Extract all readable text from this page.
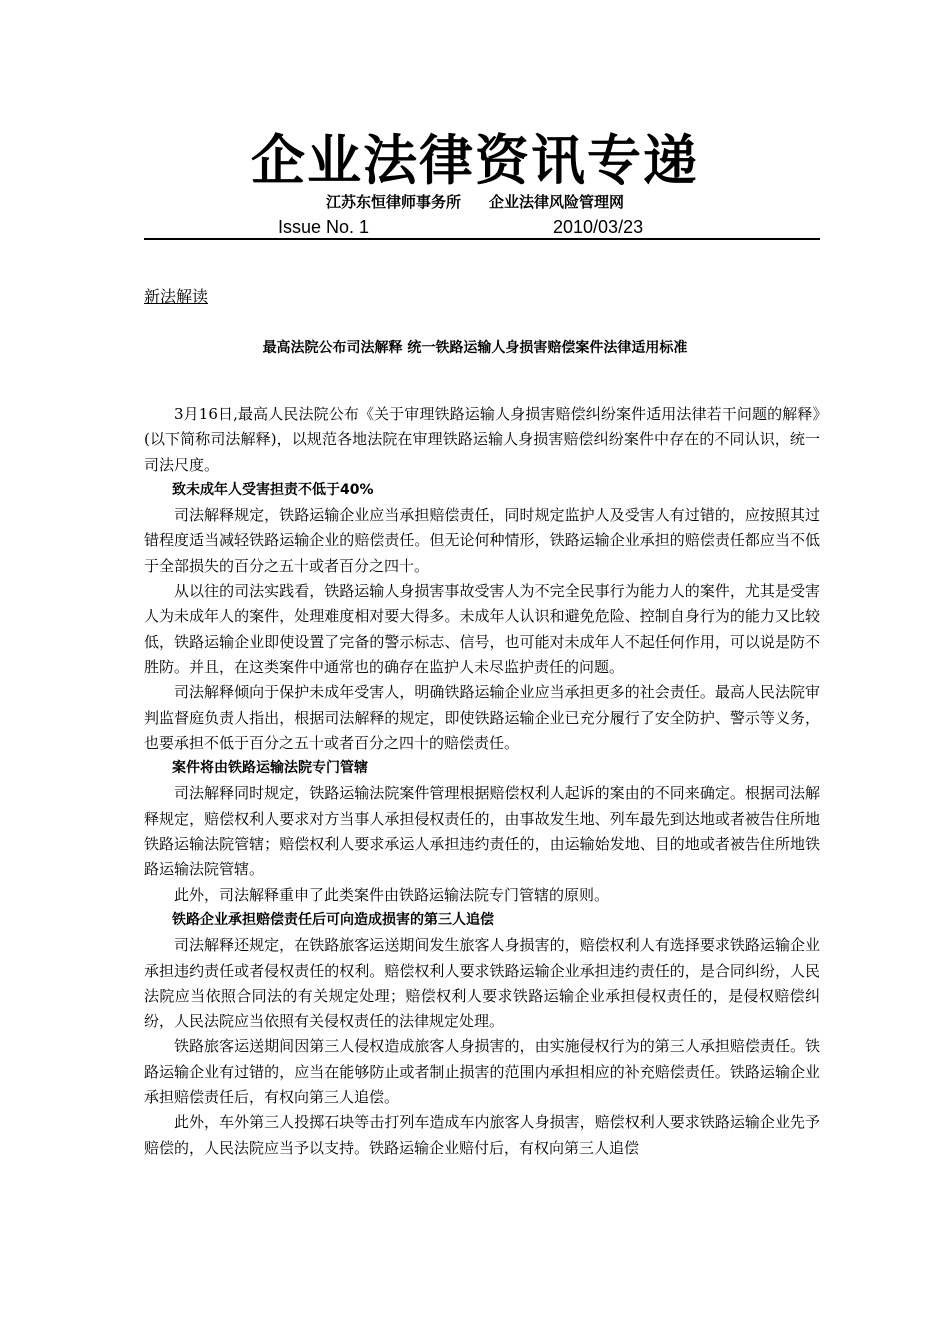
企业法律资讯专递
江苏东恒律师事务所 企业法律风险管理网
Issue No. 1	2010/03/23
新法解读
最高法院公布司法解释 统一铁路运输人身损害赔偿案件法律适用标准

3月16日,最高人民法院公布《关于审理铁路运输人身损害赔偿纠纷案件适用法律若干问题的解释》(以下简称司法解释)，以规范各地法院在审理铁路运输人身损害赔偿纠纷案件中存在的不同认识，统一司法尺度。

致未成年人受害担责不低于40%

司法解释规定，铁路运输企业应当承担赔偿责任，同时规定监护人及受害人有过错的，应按照其过错程度适当减轻铁路运输企业的赔偿责任。但无论何种情形，铁路运输企业承担的赔偿责任都应当不低于全部损失的百分之五十或者百分之四十。

从以往的司法实践看，铁路运输人身损害事故受害人为不完全民事行为能力人的案件，尤其是受害人为未成年人的案件，处理难度相对要大得多。未成年人认识和避免危险、控制自身行为的能力又比较低，铁路运输企业即使设置了完备的警示标志、信号，也可能对未成年人不起任何作用，可以说是防不胜防。并且，在这类案件中通常也的确存在监护人未尽监护责任的问题。

司法解释倾向于保护未成年受害人，明确铁路运输企业应当承担更多的社会责任。最高人民法院审判监督庭负责人指出，根据司法解释的规定，即使铁路运输企业已充分履行了安全防护、警示等义务，也要承担不低于百分之五十或者百分之四十的赔偿责任。

案件将由铁路运输法院专门管辖

司法解释同时规定，铁路运输法院案件管理根据赔偿权利人起诉的案由的不同来确定。根据司法解释规定，赔偿权利人要求对方当事人承担侵权责任的，由事故发生地、列车最先到达地或者被告住所地铁路运输法院管辖；赔偿权利人要求承运人承担违约责任的，由运输始发地、目的地或者被告住所地铁路运输法院管辖。

此外，司法解释重申了此类案件由铁路运输法院专门管辖的原则。

铁路企业承担赔偿责任后可向造成损害的第三人追偿

司法解释还规定，在铁路旅客运送期间发生旅客人身损害的，赔偿权利人有选择要求铁路运输企业承担违约责任或者侵权责任的权利。赔偿权利人要求铁路运输企业承担违约责任的，是合同纠纷，人民法院应当依照合同法的有关规定处理；赔偿权利人要求铁路运输企业承担侵权责任的，是侵权赔偿纠纷，人民法院应当依照有关侵权责任的法律规定处理。

铁路旅客运送期间因第三人侵权造成旅客人身损害的，由实施侵权行为的第三人承担赔偿责任。铁路运输企业有过错的，应当在能够防止或者制止损害的范围内承担相应的补充赔偿责任。铁路运输企业承担赔偿责任后，有权向第三人追偿。

此外，车外第三人投掷石块等击打列车造成车内旅客人身损害，赔偿权利人要求铁路运输企业先予赔偿的，人民法院应当予以支持。铁路运输企业赔付后，有权向第三人追偿
